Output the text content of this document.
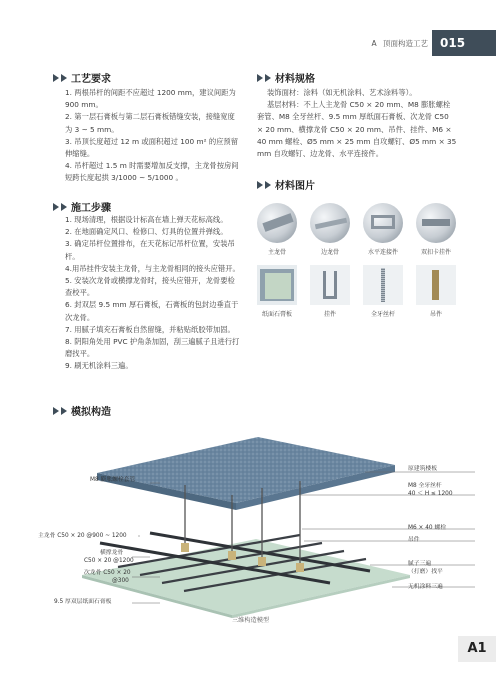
A 顶面构造工艺	015
工艺要求

1. 两根吊杆的间距不应超过 1200 mm，建议间距为 900 mm。

2. 第一层石膏板与第二层石膏板错缝安装，接缝宽度为 3 ~ 5 mm。

3. 吊顶长度超过 12 m 或面积超过 100 m² 的应预留伸缩缝。

4. 吊杆超过 1.5 m 时需要增加反支撑，主龙骨按房间短跨长度起拱 3/1000 ~ 5/1000 。

施工步骤

1. 现场清理，根据设计标高在墙上弹天花标高线。

2. 在地面确定风口、检修口、灯具的位置并弹线。

3. 确定吊杆位置排布，在天花标记吊杆位置，安装吊杆。

4.用吊挂件安装主龙骨，与主龙骨相同的接头应错开。

5. 安装次龙骨或横撑龙骨时，接头应错开，龙骨要检查校平。

6. 封双层 9.5 mm 厚石膏板，石膏板的包封边垂直于次龙骨。

7. 用腻子填充石膏板自然留缝，并粘贴纸胶带加固。

8. 阴阳角处用 PVC 护角条加固，刮三遍腻子且进行打磨找平。

9. 刷无机涂料三遍。

材料规格

装饰面材：涂料（如无机涂料、艺术涂料等）。

基层材料：不上人主龙骨 C50 × 20 mm、M8 膨胀螺栓套管、M8 全牙丝杆、9.5 mm 厚纸面石膏板、次龙骨 C50 × 20 mm、横撑龙骨 C50 × 20 mm、吊件、挂件、M6 × 40 mm 螺栓、Ø5 mm × 25 mm 自攻螺钉、Ø5 mm × 35 mm 自攻螺钉、边龙骨、水平连接件。

材料图片
主龙骨	边龙骨	水平连接件	双扣卡挂件
纸面石膏板	挂件	全牙丝杆	吊件
模拟构造
原建筑楼板
M8 膨胀螺栓套管
M8 全牙丝杆
40 ＜ H ≤ 1200
主龙骨 C50 × 20 @900 ~ 1200
M6 × 40 螺栓
吊件
横撑龙骨
C50 × 20 @1200
次龙骨 C50 × 20
@300
腻子三遍
（打磨）找平
无机涂料三遍
9.5 厚双层纸面石膏板
三维构造模型
A1
